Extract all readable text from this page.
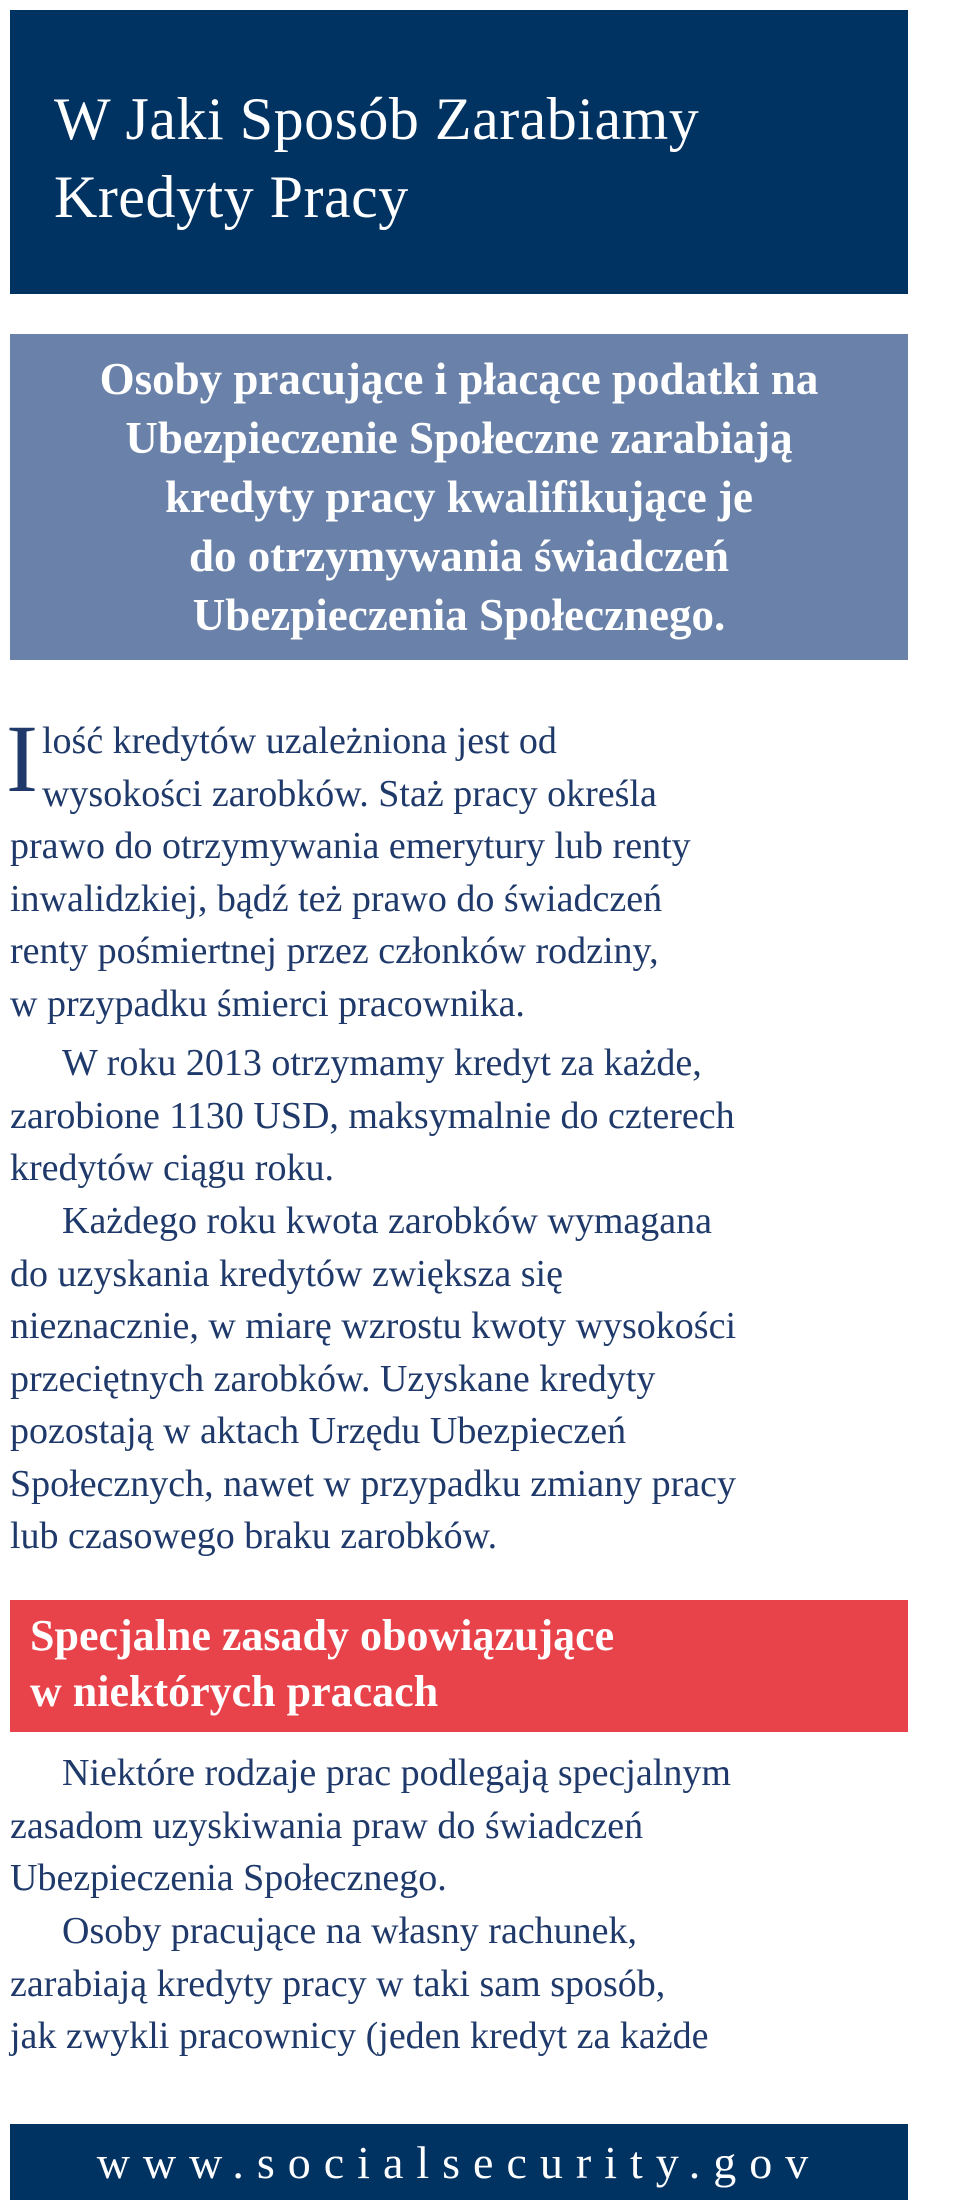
W Jaki Sposób Zarabiamy
Kredyty Pracy

Osoby pracujące i płacące podatki na
Ubezpieczenie Społeczne zarabiają
kredyty pracy kwalifikujące je
do otrzymywania świadczeń
Ubezpieczenia Społecznego.

I lość kredytów uzależniona jest od
wysokości zarobków. Staż pracy określa
prawo do otrzymywania emerytury lub renty
inwalidzkiej, bądź też prawo do świadczeń
renty pośmiertnej przez członków rodziny,
w przypadku śmierci pracownika.

W roku 2013 otrzymamy kredyt za każde,
zarobione 1130 USD, maksymalnie do czterech
kredytów ciągu roku.

Każdego roku kwota zarobków wymagana
do uzyskania kredytów zwiększa się
nieznacznie, w miarę wzrostu kwoty wysokości
przeciętnych zarobków. Uzyskane kredyty
pozostają w aktach Urzędu Ubezpieczeń
Społecznych, nawet w przypadku zmiany pracy
lub czasowego braku zarobków.

Specjalne zasady obowiązujące
w niektórych pracach

Niektóre rodzaje prac podlegają specjalnym
zasadom uzyskiwania praw do świadczeń
Ubezpieczenia Społecznego.

Osoby pracujące na własny rachunek,
zarabiają kredyty pracy w taki sam sposób,
jak zwykli pracownicy (jeden kredyt za każde

www.socialsecurity.gov
